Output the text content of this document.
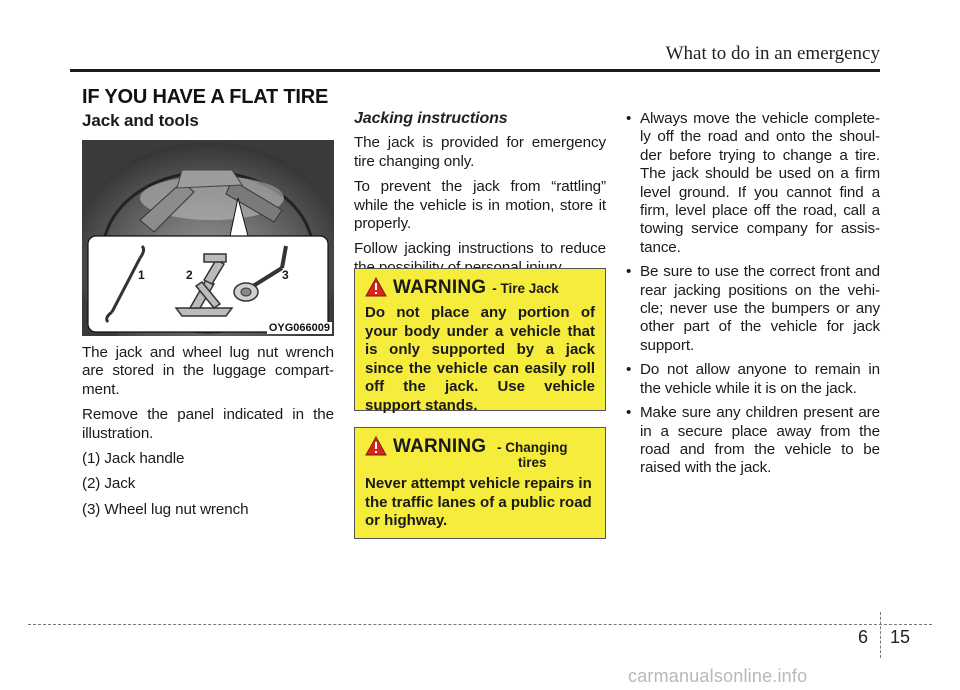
What to do in an emergency
IF YOU HAVE A FLAT TIRE
Jack and tools
1	2	3
OYG066009

The jack and wheel lug nut wrench are stored in the luggage compart-ment.

Remove the panel indicated in the illustration.

(1) Jack handle

(2) Jack

(3) Wheel lug nut wrench

Jacking instructions

The jack is provided for emergency tire changing only.

To prevent the jack from “rattling” while the vehicle is in motion, store it properly.

Follow jacking instructions to reduce

WARNING - Tire Jack
Do not place any portion of your body under a vehicle that is only supported by a jack since the vehicle can easily roll off the jack. Use vehicle support stands.
WARNING - Changing tires
Never attempt vehicle repairs in the traffic lanes of a public road or highway.
• Always move the vehicle complete-ly off the road and onto the shoul-der before trying to change a tire. The jack should be used on a firm level ground. If you cannot find a firm, level place off the road, call a towing service company for assis-tance.
• Be sure to use the correct front and rear jacking positions on the vehi-cle; never use the bumpers or any other part of the vehicle for jack support.
• Do not allow anyone to remain in the vehicle while it is on the jack.
• Make sure any children present are in a secure place away from the road and from the vehicle to be raised with the jack.
6 15
carmanualsonline.info
